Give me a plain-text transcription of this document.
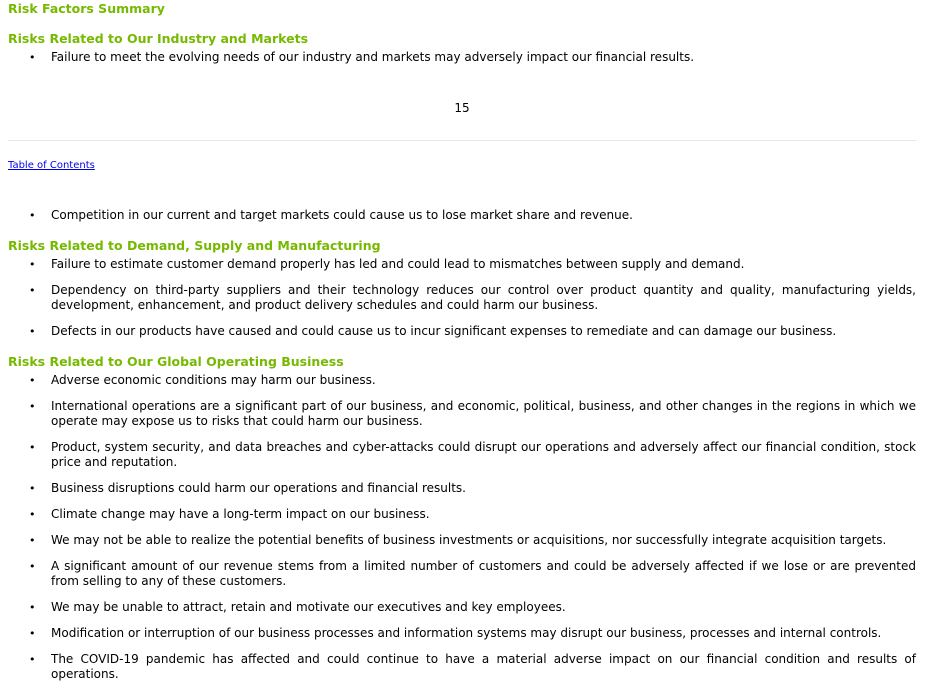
Risk Factors Summary
Risks Related to Our Industry and Markets
• Failure to meet the evolving needs of our industry and markets may adversely impact our financial results.
15
Table of Contents
• Competition in our current and target markets could cause us to lose market share and revenue.
Risks Related to Demand, Supply and Manufacturing
• Failure to estimate customer demand properly has led and could lead to mismatches between supply and demand.
• Dependency on third-party suppliers and their technology reduces our control over product quantity and quality, manufacturing yields, development, enhancement, and product delivery schedules and could harm our business.
• Defects in our products have caused and could cause us to incur significant expenses to remediate and can damage our business.
Risks Related to Our Global Operating Business
• Adverse economic conditions may harm our business.
• International operations are a significant part of our business, and economic, political, business, and other changes in the regions in which we operate may expose us to risks that could harm our business.
• Product, system security, and data breaches and cyber-attacks could disrupt our operations and adversely affect our financial condition, stock price and reputation.
• Business disruptions could harm our operations and financial results.
• Climate change may have a long-term impact on our business.
• We may not be able to realize the potential benefits of business investments or acquisitions, nor successfully integrate acquisition targets.
• A significant amount of our revenue stems from a limited number of customers and could be adversely affected if we lose or are prevented from selling to any of these customers.
• We may be unable to attract, retain and motivate our executives and key employees.
• Modification or interruption of our business processes and information systems may disrupt our business, processes and internal controls.
• The COVID-19 pandemic has affected and could continue to have a material adverse impact on our financial condition and results of operations.
